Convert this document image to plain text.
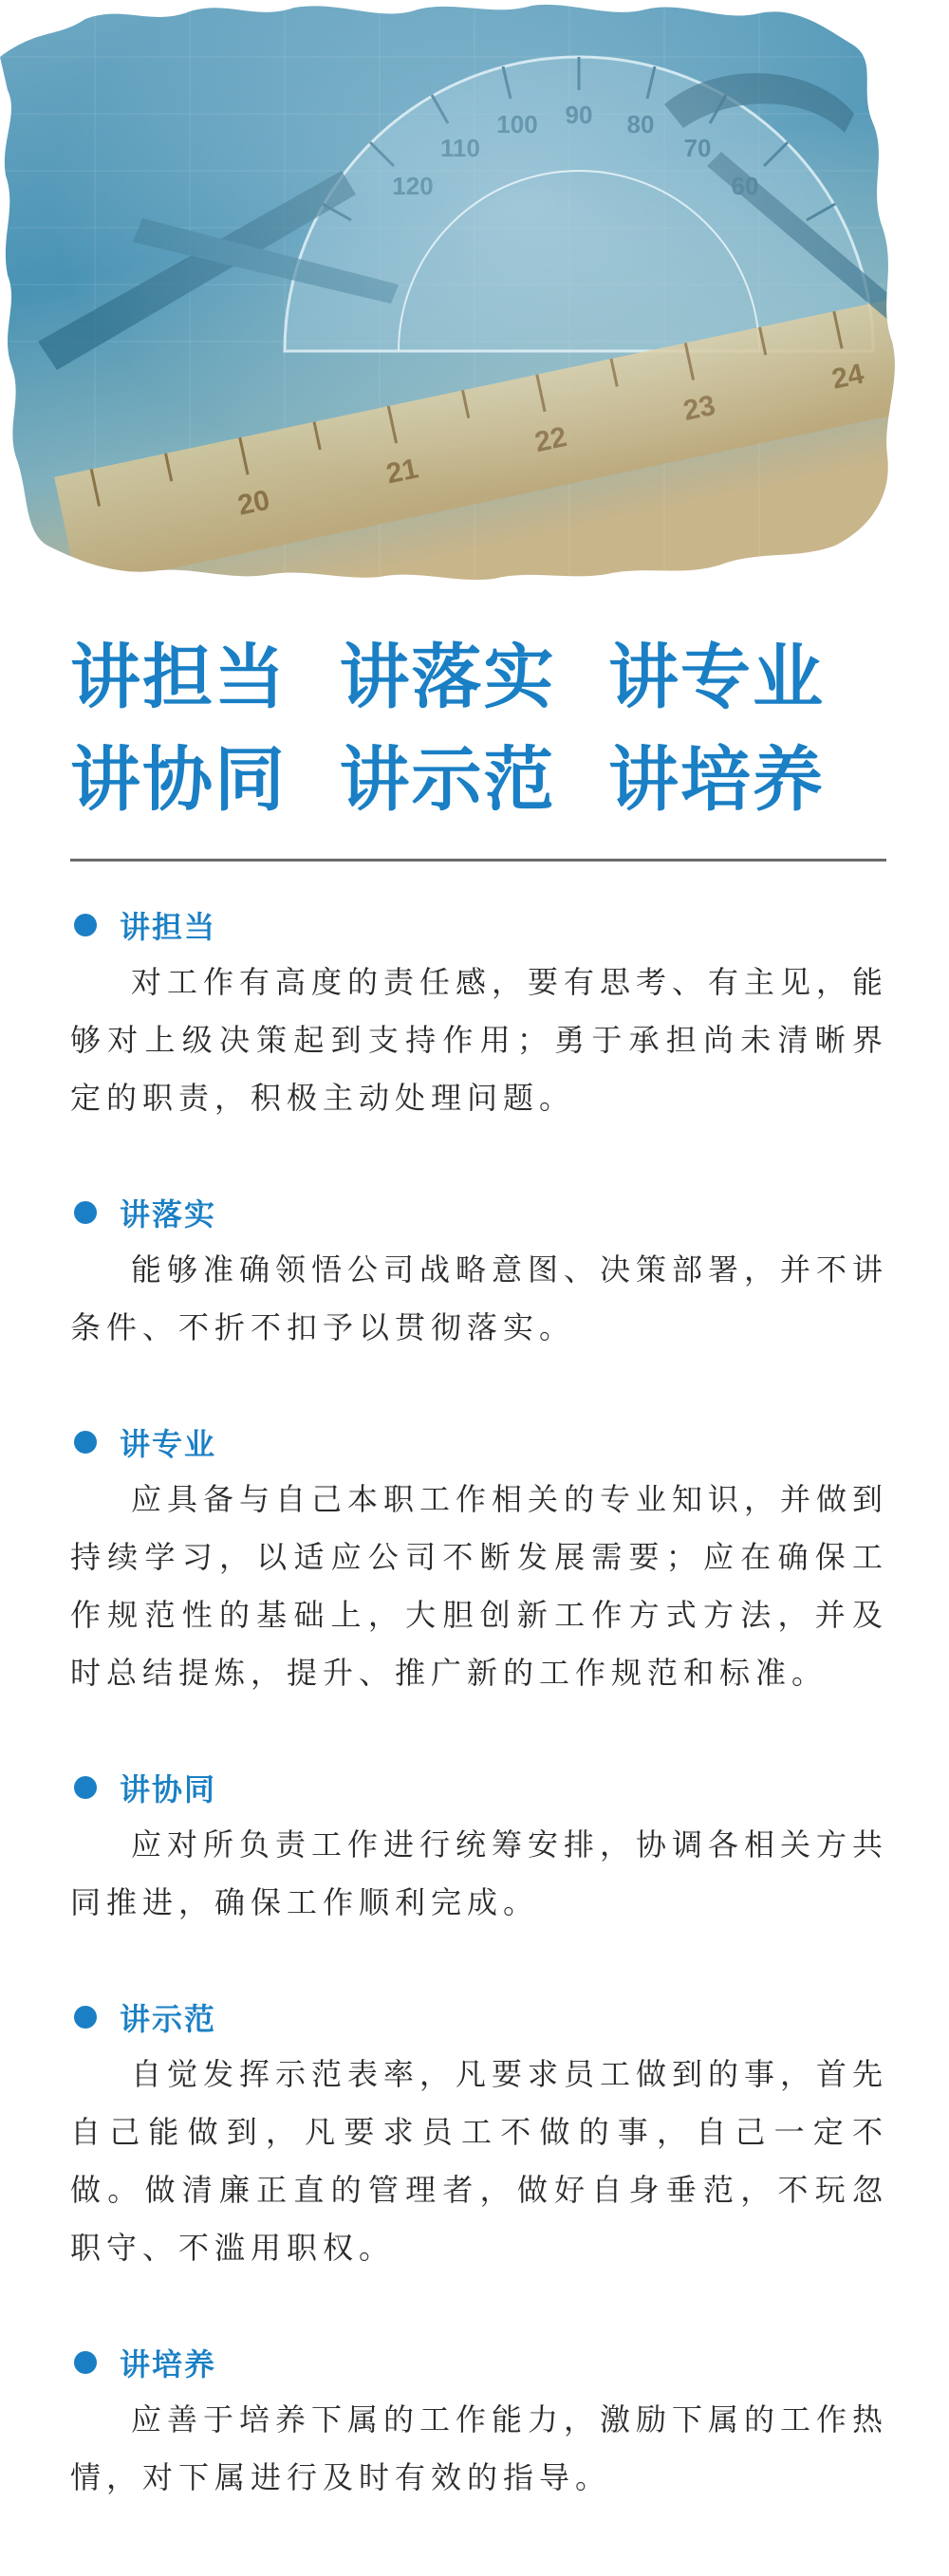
讲担当  讲落实  讲专业
讲协同  讲示范  讲培养
讲担当

对工作有高度的责任感，要有思考、有主见，能够对上级决策起到支持作用；勇于承担尚未清晰界定的职责，积极主动处理问题。

讲落实

能够准确领悟公司战略意图、决策部署，并不讲条件、不折不扣予以贯彻落实。

讲专业

应具备与自己本职工作相关的专业知识，并做到持续学习，以适应公司不断发展需要；应在确保工作规范性的基础上，大胆创新工作方式方法，并及时总结提炼，提升、推广新的工作规范和标准。

讲协同

应对所负责工作进行统筹安排，协调各相关方共同推进，确保工作顺利完成。

讲示范

自觉发挥示范表率，凡要求员工做到的事，首先自己能做到，凡要求员工不做的事，自己一定不做。做清廉正直的管理者，做好自身垂范，不玩忽职守、不滥用职权。

讲培养

应善于培养下属的工作能力，激励下属的工作热情，对下属进行及时有效的指导。
